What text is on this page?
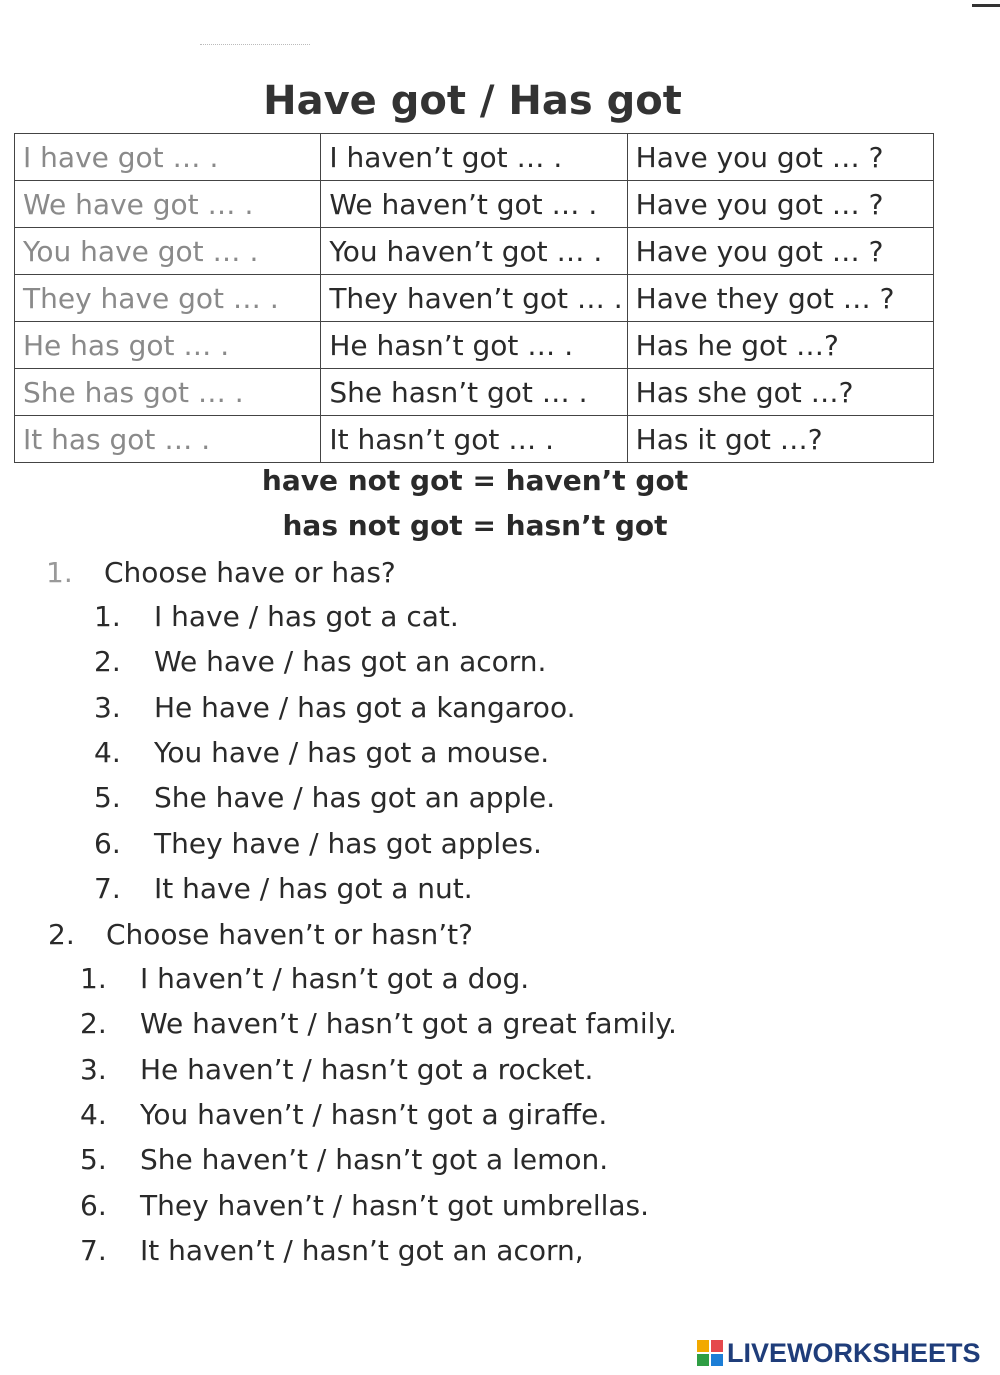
Have got / Has got
I have got … .	I haven’t got … .	Have you got … ?
We have got … .	We haven’t got … .	Have you got … ?
You have got … .	You haven’t got … .	Have you got … ?
They have got … .	They haven’t got … .	Have they got … ?
He has got … .	He hasn’t got … .	Has he got …?
She has got … .	She hasn’t got … .	Has she got …?
It has got … .	It hasn’t got … .	Has it got …?
have not got = haven’t got
has not got = hasn’t got
1. Choose have or has?
1. I have / has got a cat.
2. We have / has got an acorn.
3. He have / has got a kangaroo.
4. You have / has got a mouse.
5. She have / has got an apple.
6. They have / has got apples.
7. It have / has got a nut.
2. Choose haven’t or hasn’t?
1. I haven’t / hasn’t got a dog.
2. We haven’t / hasn’t got a great family.
3. He haven’t / hasn’t got a rocket.
4. You haven’t / hasn’t got a giraffe.
5. She haven’t / hasn’t got a lemon.
6. They haven’t / hasn’t got umbrellas.
7. It haven’t / hasn’t got an acorn,
LIVEWORKSHEETS
